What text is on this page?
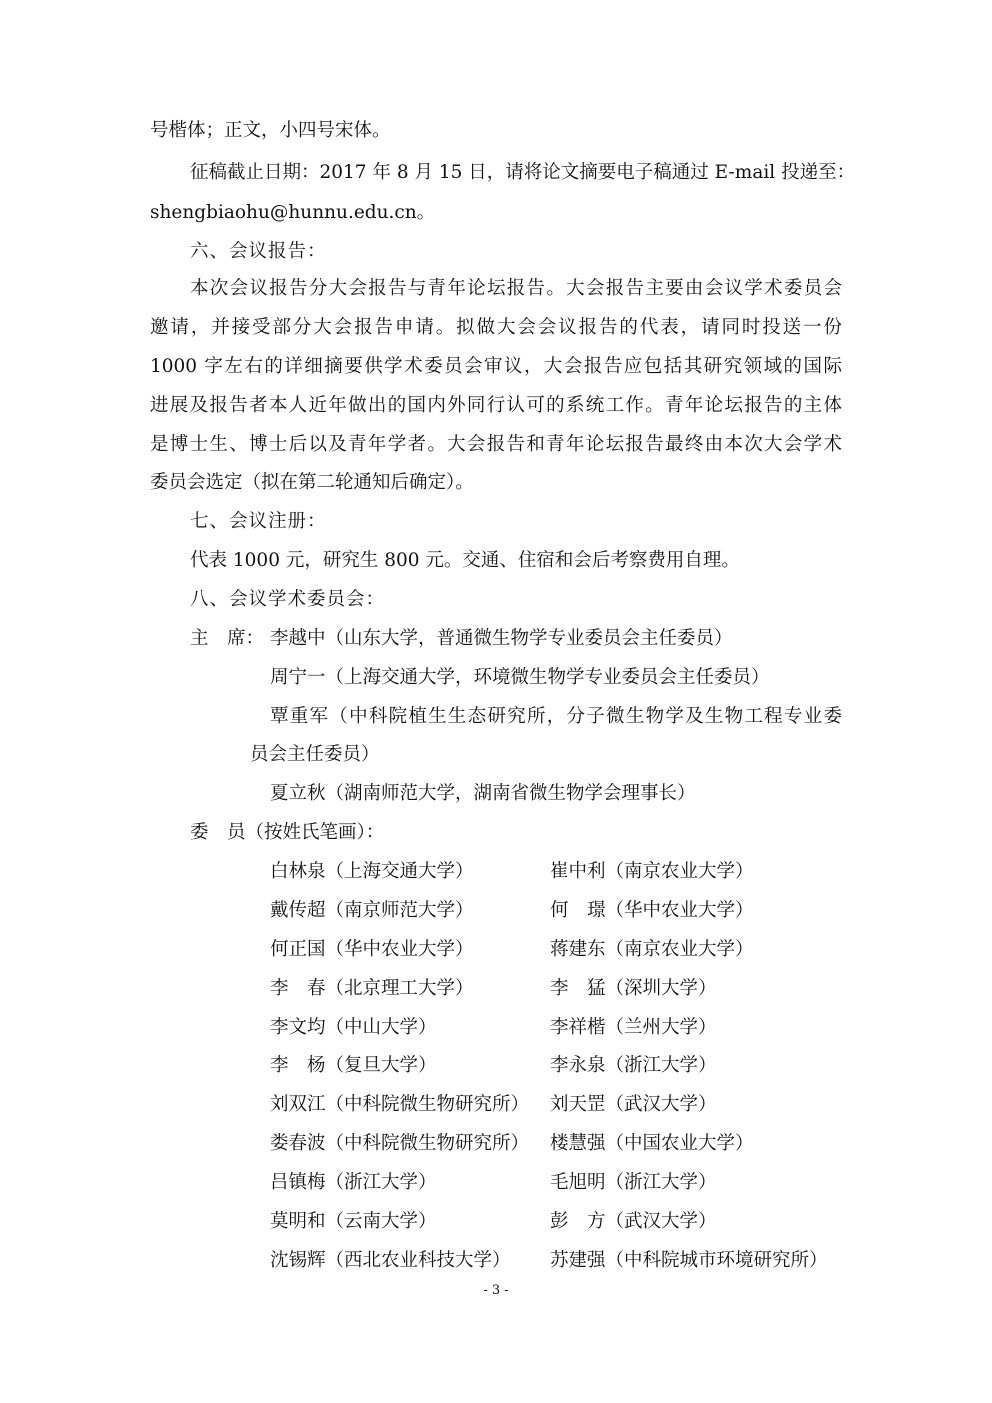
号楷体；正文，小四号宋体。
征稿截止日期：2017 年 8 月 15 日，请将论文摘要电子稿通过 E-mail 投递至：
shengbiaohu@hunnu.edu.cn。
六、会议报告：
本次会议报告分大会报告与青年论坛报告。大会报告主要由会议学术委员会
邀请，并接受部分大会报告申请。拟做大会会议报告的代表，请同时投送一份
1000 字左右的详细摘要供学术委员会审议，大会报告应包括其研究领域的国际
进展及报告者本人近年做出的国内外同行认可的系统工作。青年论坛报告的主体
是博士生、博士后以及青年学者。大会报告和青年论坛报告最终由本次大会学术
委员会选定（拟在第二轮通知后确定）。
七、会议注册：
代表 1000 元，研究生 800 元。交通、住宿和会后考察费用自理。
八、会议学术委员会：
主　席： 李越中（山东大学，普通微生物学专业委员会主任委员）
周宁一（上海交通大学，环境微生物学专业委员会主任委员）
覃重军（中科院植生生态研究所，分子微生物学及生物工程专业委
员会主任委员）
夏立秋（湖南师范大学，湖南省微生物学会理事长）
委　员（按姓氏笔画）：
白林泉（上海交通大学）	崔中利（南京农业大学）
戴传超（南京师范大学）	何　璟（华中农业大学）
何正国（华中农业大学）	蒋建东（南京农业大学）
李　春（北京理工大学）	李　猛（深圳大学）
李文均（中山大学）	李祥楷（兰州大学）
李　杨（复旦大学）	李永泉（浙江大学）
刘双江（中科院微生物研究所） 刘天罡（武汉大学）
娄春波（中科院微生物研究所） 楼慧强（中国农业大学）
吕镇梅（浙江大学）	毛旭明（浙江大学）
莫明和（云南大学）	彭　方（武汉大学）
沈锡辉（西北农业科技大学） 苏建强（中科院城市环境研究所）
- 3 -
